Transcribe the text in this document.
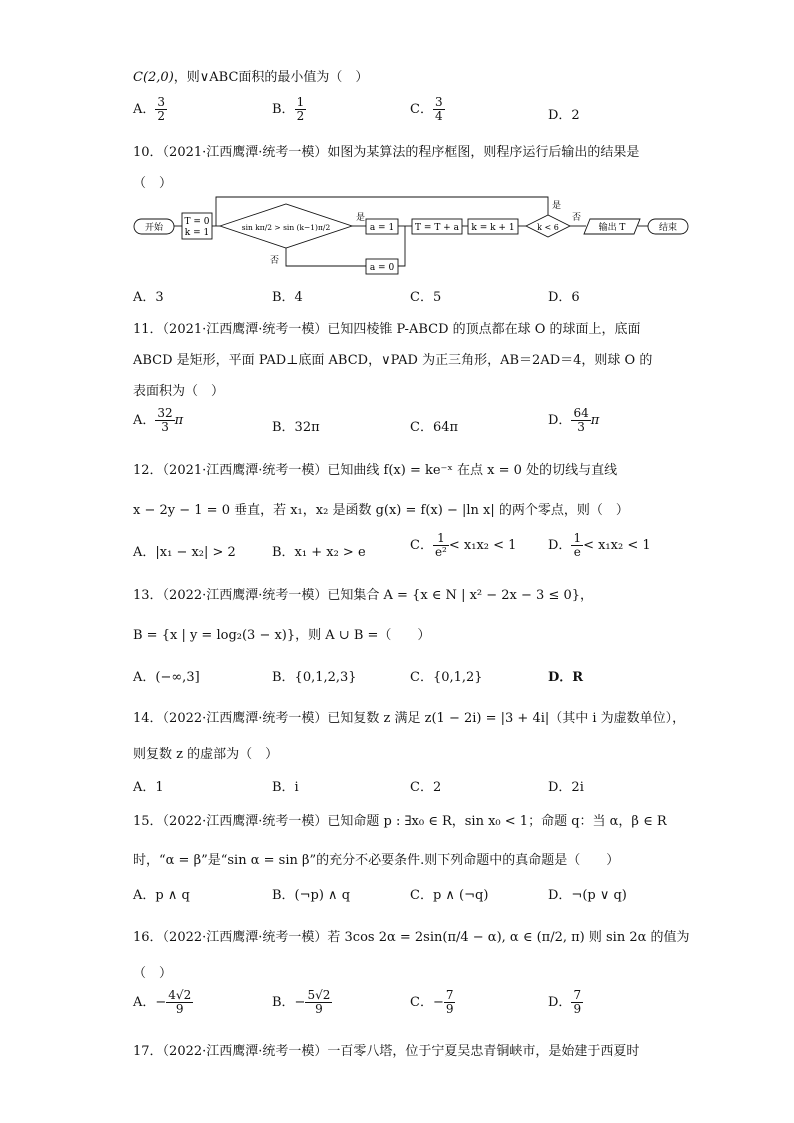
C(2,0)，则∨ABC面积的最小值为（　）
A． $\frac{3}{2}$	B． $\frac{1}{2}$	C． $\frac{3}{4}$	D．2
10．（2021·江西鹰潭·统考一模）如图为某算法的程序框图，则程序运行后输出的结果是
（　）
开始
T = 0
k = 1
sin kπ/2 > sin (k−1)π/2
是
否
a = 1
a = 0
T = T + a k = k + 1	k < 6
是
否
输出 T	结束
A．3	B．4	C．5	D．6
11．（2021·江西鹰潭·统考一模）已知四棱锥 P-ABCD 的顶点都在球 O 的球面上，底面
ABCD 是矩形，平面 PAD⊥底面 ABCD，∨PAD 为正三角形，AB＝2AD＝4，则球 O 的
表面积为（　）
A． $\frac{32}{3}$ π	B．32π	C．64π	D． $\frac{64}{3}$ π
12．（2021·江西鹰潭·统考一模）已知曲线 f(x) = ke⁻ˣ 在点 x = 0 处的切线与直线
x − 2y − 1 = 0 垂直，若 x₁，x₂ 是函数 g(x) = f(x) − |ln x| 的两个零点，则（　）
A．|x₁ − x₂| > 2	B．x₁ + x₂ > e	C． $\frac{1}{\text{e²}} < x_1x_2 < 1$ D． $\frac{1}{e} < x_1x_2 < 1$
13．（2022·江西鹰潭·统考一模）已知集合 A = {x ∈ N | x² − 2x − 3 ≤ 0}，
B = {x | y = log₂(3 − x)}，则 A ∪ B =（　　）
A．(−∞,3]	B．{0,1,2,3}	C．{0,1,2}	D．R
14．（2022·江西鹰潭·统考一模）已知复数 z 满足 z(1 − 2i) = |3 + 4i|（其中 i 为虚数单位），
则复数 z 的虚部为（　）
A．1	B．i	C．2	D．2i
15．（2022·江西鹰潭·统考一模）已知命题 p : ∃x₀ ∈ R，sin x₀ < 1；命题 q：当 α，β ∈ R
时，“α = β”是“sin α = sin β”的充分不必要条件.则下列命题中的真命题是（　　）
A．p ∧ q	B．(¬p) ∧ q	C．p ∧ (¬q)	D．¬(p ∨ q)
16．（2022·江西鹰潭·统考一模）若 3cos 2α = 2sin(π/4 − α), α ∈ (π/2, π) 则 sin 2α 的值为
（　）
A．− $\frac{4√2}{9}$	B．− $\frac{5√2}{9}$	C．− $\frac{7}{9}$	D． $\frac{7}{9}$
17．（2022·江西鹰潭·统考一模）一百零八塔，位于宁夏吴忠青铜峡市，是始建于西夏时
